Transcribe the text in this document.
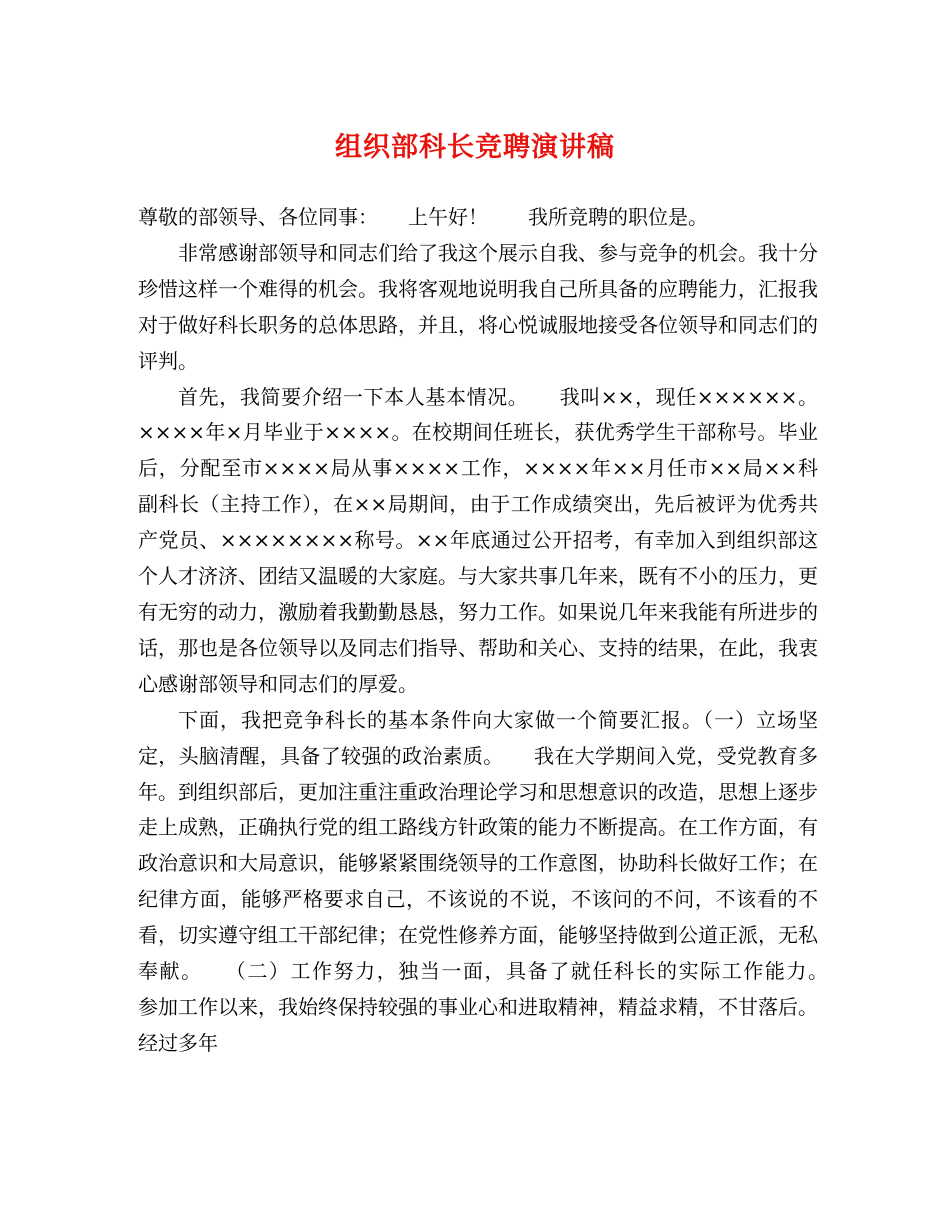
组织部科长竞聘演讲稿

尊敬的部领导、各位同事：　　上午好！　　我所竞聘的职位是。

非常感谢部领导和同志们给了我这个展示自我、参与竞争的机会。我十分珍惜这样一个难得的机会。我将客观地说明我自己所具备的应聘能力，汇报我对于做好科长职务的总体思路，并且，将心悦诚服地接受各位领导和同志们的评判。

首先，我简要介绍一下本人基本情况。　　我叫××，现任××××××。××××年×月毕业于××××。在校期间任班长，获优秀学生干部称号。毕业后，分配至市××××局从事××××工作，××××年××月任市××局××科副科长（主持工作），在××局期间，由于工作成绩突出，先后被评为优秀共产党员、××××××××称号。××年底通过公开招考，有幸加入到组织部这个人才济济、团结又温暖的大家庭。与大家共事几年来，既有不小的压力，更有无穷的动力，激励着我勤勤恳恳，努力工作。如果说几年来我能有所进步的话，那也是各位领导以及同志们指导、帮助和关心、支持的结果，在此，我衷心感谢部领导和同志们的厚爱。

下面，我把竞争科长的基本条件向大家做一个简要汇报。（一）立场坚定，头脑清醒，具备了较强的政治素质。　　我在大学期间入党，受党教育多年。到组织部后，更加注重注重政治理论学习和思想意识的改造，思想上逐步走上成熟，正确执行党的组工路线方针政策的能力不断提高。在工作方面，有政治意识和大局意识，能够紧紧围绕领导的工作意图，协助科长做好工作；在纪律方面，能够严格要求自己，不该说的不说，不该问的不问，不该看的不看，切实遵守组工干部纪律；在党性修养方面，能够坚持做到公道正派，无私奉献。　　（二）工作努力，独当一面，具备了就任科长的实际工作能力。　　参加工作以来，我始终保持较强的事业心和进取精神，精益求精，不甘落后。经过多年
